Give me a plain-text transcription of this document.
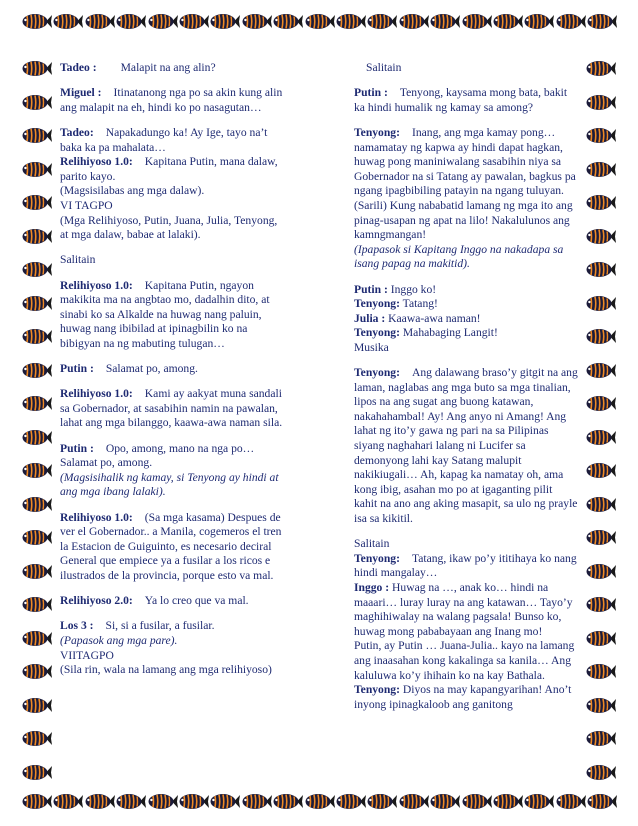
Tadeo : Malapit na ang alin?

Miguel : Itinatanong nga po sa akin kung alin ang malapit na eh, hindi ko po nasagutan…

Tadeo: Napakadungo ka! Ay Ige, tayo na’t baka ka pa mahalata…
Relihiyoso 1.0: Kapitana Putin, mana dalaw, parito kayo.
(Magsisilabas ang mga dalaw).
VI TAGPO
(Mga Relihiyoso, Putin, Juana, Julia, Tenyong, at mga dalaw, babae at lalaki).

Salitain

Relihiyoso 1.0: Kapitana Putin, ngayon makikita ma na angbtao mo, dadalhin dito, at sinabi ko sa Alkalde na huwag nang paluin, huwag nang ibibilad at ipinagbilin ko na bibigyan na ng mabuting tulugan…

Putin : Salamat po, among.

Relihiyoso 1.0: Kami ay aakyat muna sandali sa Gobernador, at sasabihin namin na pawalan, lahat ang mga bilanggo, kaawa-awa naman sila.

Putin : Opo, among, mano na nga po… Salamat po, among.
(Magsisihalik ng kamay, si Tenyong ay hindi at ang mga ibang lalaki).

Relihiyoso 1.0: (Sa mga kasama) Despues de ver el Gobernador.. a Manila, cogemeros el tren la Estacion de Guiguinto, es necesario deciral General que empiece ya a fusilar a los ricos e ilustrados de la provincia, porque esto va mal.

Relihiyoso 2.0: Ya lo creo que va mal.

Los 3 : Si, si a fusilar, a fusilar.
(Papasok ang mga pare).
VIITAGPO
(Sila rin, wala na lamang ang mga relihiyoso)

Salitain

Putin : Tenyong, kaysama mong bata, bakit ka hindi humalik ng kamay sa among?

Tenyong: Inang, ang mga kamay pong… namamatay ng kapwa ay hindi dapat hagkan, huwag pong maniniwalang sasabihin niya sa Gobernador na si Tatang ay pawalan, bagkus pa ngang ipagbibiling patayin na ngang tuluyan. (Sarili) Kung nababatid lamang ng mga ito ang pinag-usapan ng apat na lilo! Nakalulunos ang kamngmangan!
(Ipapasok si Kapitang Inggo na nakadapa sa isang papag na makitid).

Putin : Inggo ko!
Tenyong: Tatang!
Julia : Kaawa-awa naman!
Tenyong: Mahabaging Langit!
Musika

Tenyong: Ang dalawang braso’y gitgit na ang laman, naglabas ang mga buto sa mga tinalian, lipos na ang sugat ang buong katawan, nakahahambal! Ay! Ang anyo ni Amang! Ang lahat ng ito’y gawa ng pari na sa Pilipinas siyang naghahari lalang ni Lucifer sa demonyong lahi kay Satang malupit nakikiugali… Ah, kapag ka namatay oh, ama kong ibig, asahan mo po at igaganting pilit kahit na ano ang aking masapit, sa ulo ng prayle isa sa kikitil.

Salitain
Tenyong: Tatang, ikaw po’y ititihaya ko nang hindi mangalay…
Inggo : Huwag na …, anak ko… hindi na maaari… luray luray na ang katawan… Tayo’y maghihiwalay na walang pagsala! Bunso ko, huwag mong pababayaan ang Inang mo!
Putin, ay Putin … Juana-Julia.. kayo na lamang ang inaasahan kong kakalinga sa kanila… Ang kaluluwa ko’y ihihain ko na kay Bathala.
Tenyong: Diyos na may kapangyarihan! Ano’t inyong ipinagkaloob ang ganitong
